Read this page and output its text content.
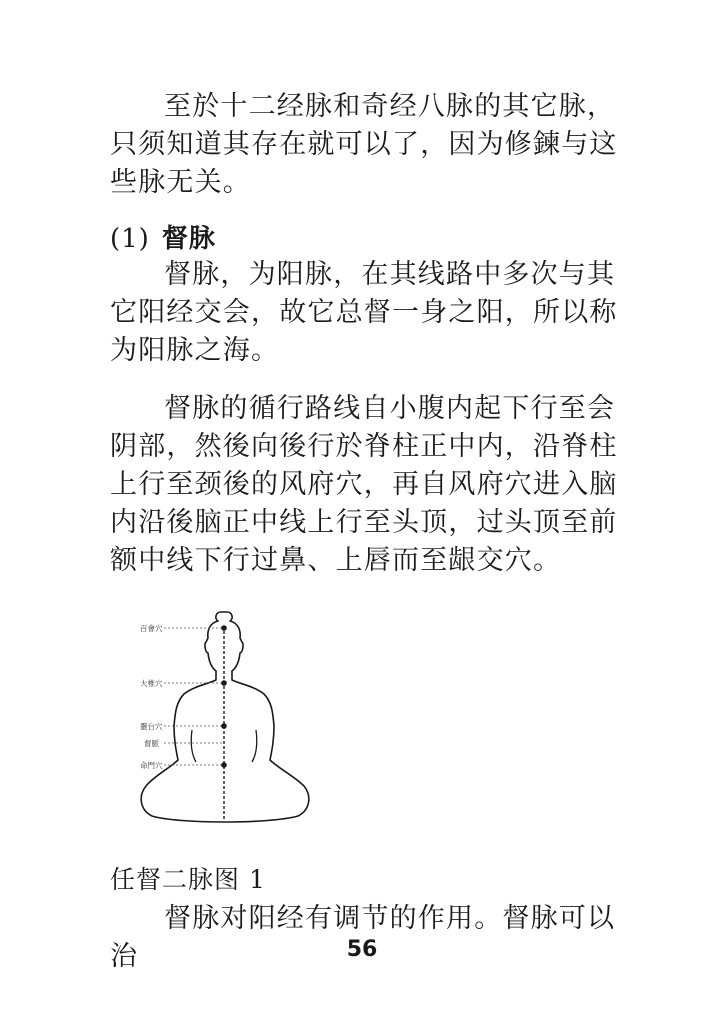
至於十二经脉和奇经八脉的其它脉，只须知道其存在就可以了，因为修鍊与这些脉无关。

(1) 督脉

督脉，为阳脉，在其线路中多次与其它阳经交会，故它总督一身之阳，所以称为阳脉之海。

督脉的循行路线自小腹内起下行至会阴部，然後向後行於脊柱正中内，沿脊柱上行至颈後的风府穴，再自风府穴进入脑内沿後脑正中线上行至头顶，过头顶至前额中线下行过鼻、上唇而至龈交穴。

百會穴
大椎穴
靈台穴
督脈
命門穴

任督二脉图 1

督脉对阳经有调节的作用。督脉可以治	56
